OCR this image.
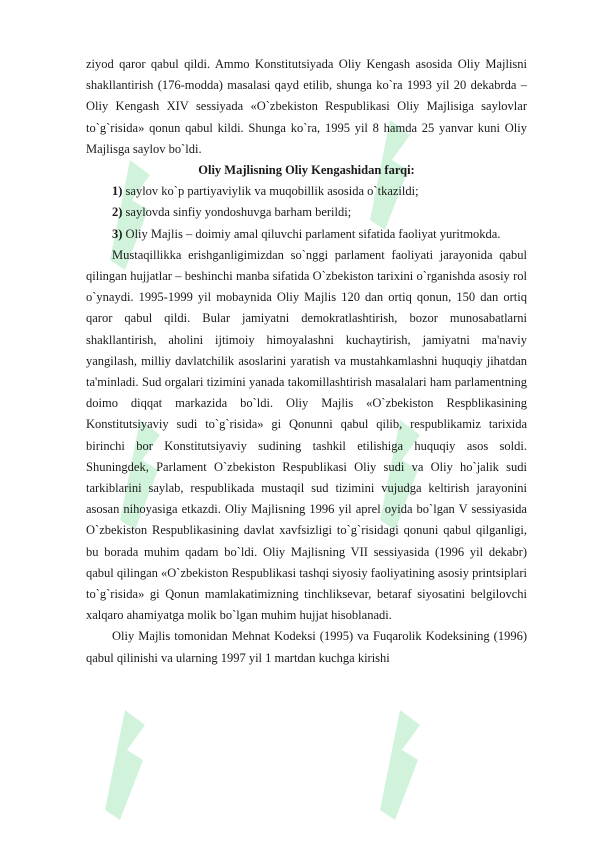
ziyod qaror qabul qildi. Ammo Konstitutsiyada Oliy Kengash asosida Oliy Majlisni shakllantirish (176-modda) masalasi qayd etilib, shunga ko`ra 1993 yil 20 dekabrda – Oliy Kengash XIV sessiyada «O`zbekiston Respublikasi Oliy Majlisiga saylovlar to`g`risida» qonun qabul kildi. Shunga ko`ra, 1995 yil 8 hamda 25 yanvar kuni Oliy Majlisga saylov bo`ldi.

Oliy Majlisning Oliy Kengashidan farqi:

1) saylov ko`p partiyaviylik va muqobillik asosida o`tkazildi;

2) saylovda sinfiy yondoshuvga barham berildi;

3) Oliy Majlis – doimiy amal qiluvchi parlament sifatida faoliyat yuritmokda.

Mustaqillikka erishganligimizdan so`nggi parlament faoliyati jarayonida qabul qilingan hujjatlar – beshinchi manba sifatida O`zbekiston tarixini o`rganishda asosiy rol o`ynaydi. 1995-1999 yil mobaynida Oliy Majlis 120 dan ortiq qonun, 150 dan ortiq qaror qabul qildi. Bular jamiyatni demokratlashtirish, bozor munosabatlarni shakllantirish, aholini ijtimoiy himoyalashni kuchaytirish, jamiyatni ma'naviy yangilash, milliy davlatchilik asoslarini yaratish va mustahkamlashni huquqiy jihatdan ta'minladi. Sud orgalari tizimini yanada takomillashtirish masalalari ham parlamentning doimo diqqat markazida bo`ldi. Oliy Majlis «O`zbekiston Respblikasining Konstitutsiyaviy sudi to`g`risida» gi Qonunni qabul qilib, respublikamiz tarixida birinchi bor Konstitutsiyaviy sudining tashkil etilishiga huquqiy asos soldi. Shuningdek, Parlament O`zbekiston Respublikasi Oliy sudi va Oliy ho`jalik sudi tarkiblarini saylab, respublikada mustaqil sud tizimini vujudga keltirish jarayonini asosan nihoyasiga etkazdi. Oliy Majlisning 1996 yil aprel oyida bo`lgan V sessiyasida O`zbekiston Respublikasining davlat xavfsizligi to`g`risidagi qonuni qabul qilganligi, bu borada muhim qadam bo`ldi. Oliy Majlisning VII sessiyasida (1996 yil dekabr) qabul qilingan «O`zbekiston Respublikasi tashqi siyosiy faoliyatining asosiy printsiplari to`g`risida» gi Qonun mamlakatimizning tinchliksevar, betaraf siyosatini belgilovchi xalqaro ahamiyatga molik bo`lgan muhim hujjat hisoblanadi.

Oliy Majlis tomonidan Mehnat Kodeksi (1995) va Fuqarolik Kodeksining (1996) qabul qilinishi va ularning 1997 yil 1 martdan kuchga kirishi
